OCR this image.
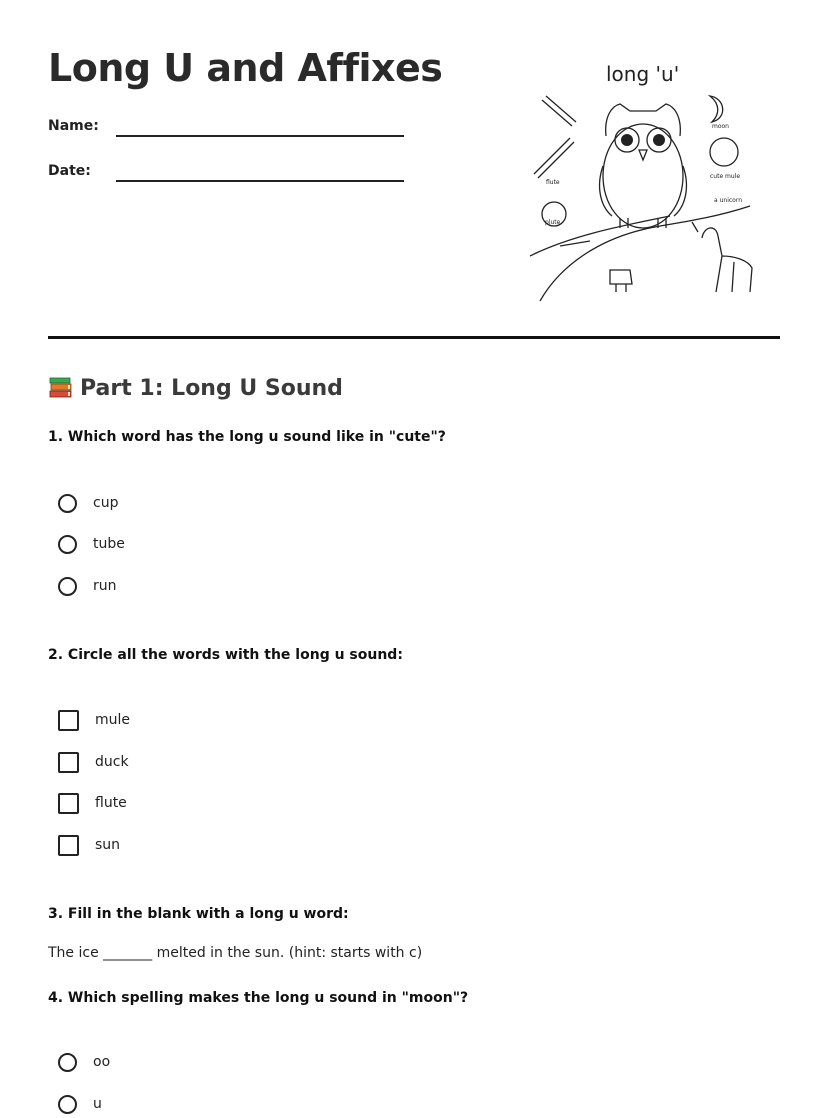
Long U and Affixes
Name:
Date:
long 'u'
moon
cute mule
a unicorn
flute
plute
Part 1: Long U Sound

1. Which word has the long u sound like in "cute"?

cup
tube
run

2. Circle all the words with the long u sound:

mule
duck
flute
sun

3. Fill in the blank with a long u word:

The ice _______ melted in the sun. (hint: starts with c)

4. Which spelling makes the long u sound in "moon"?

oo
u
